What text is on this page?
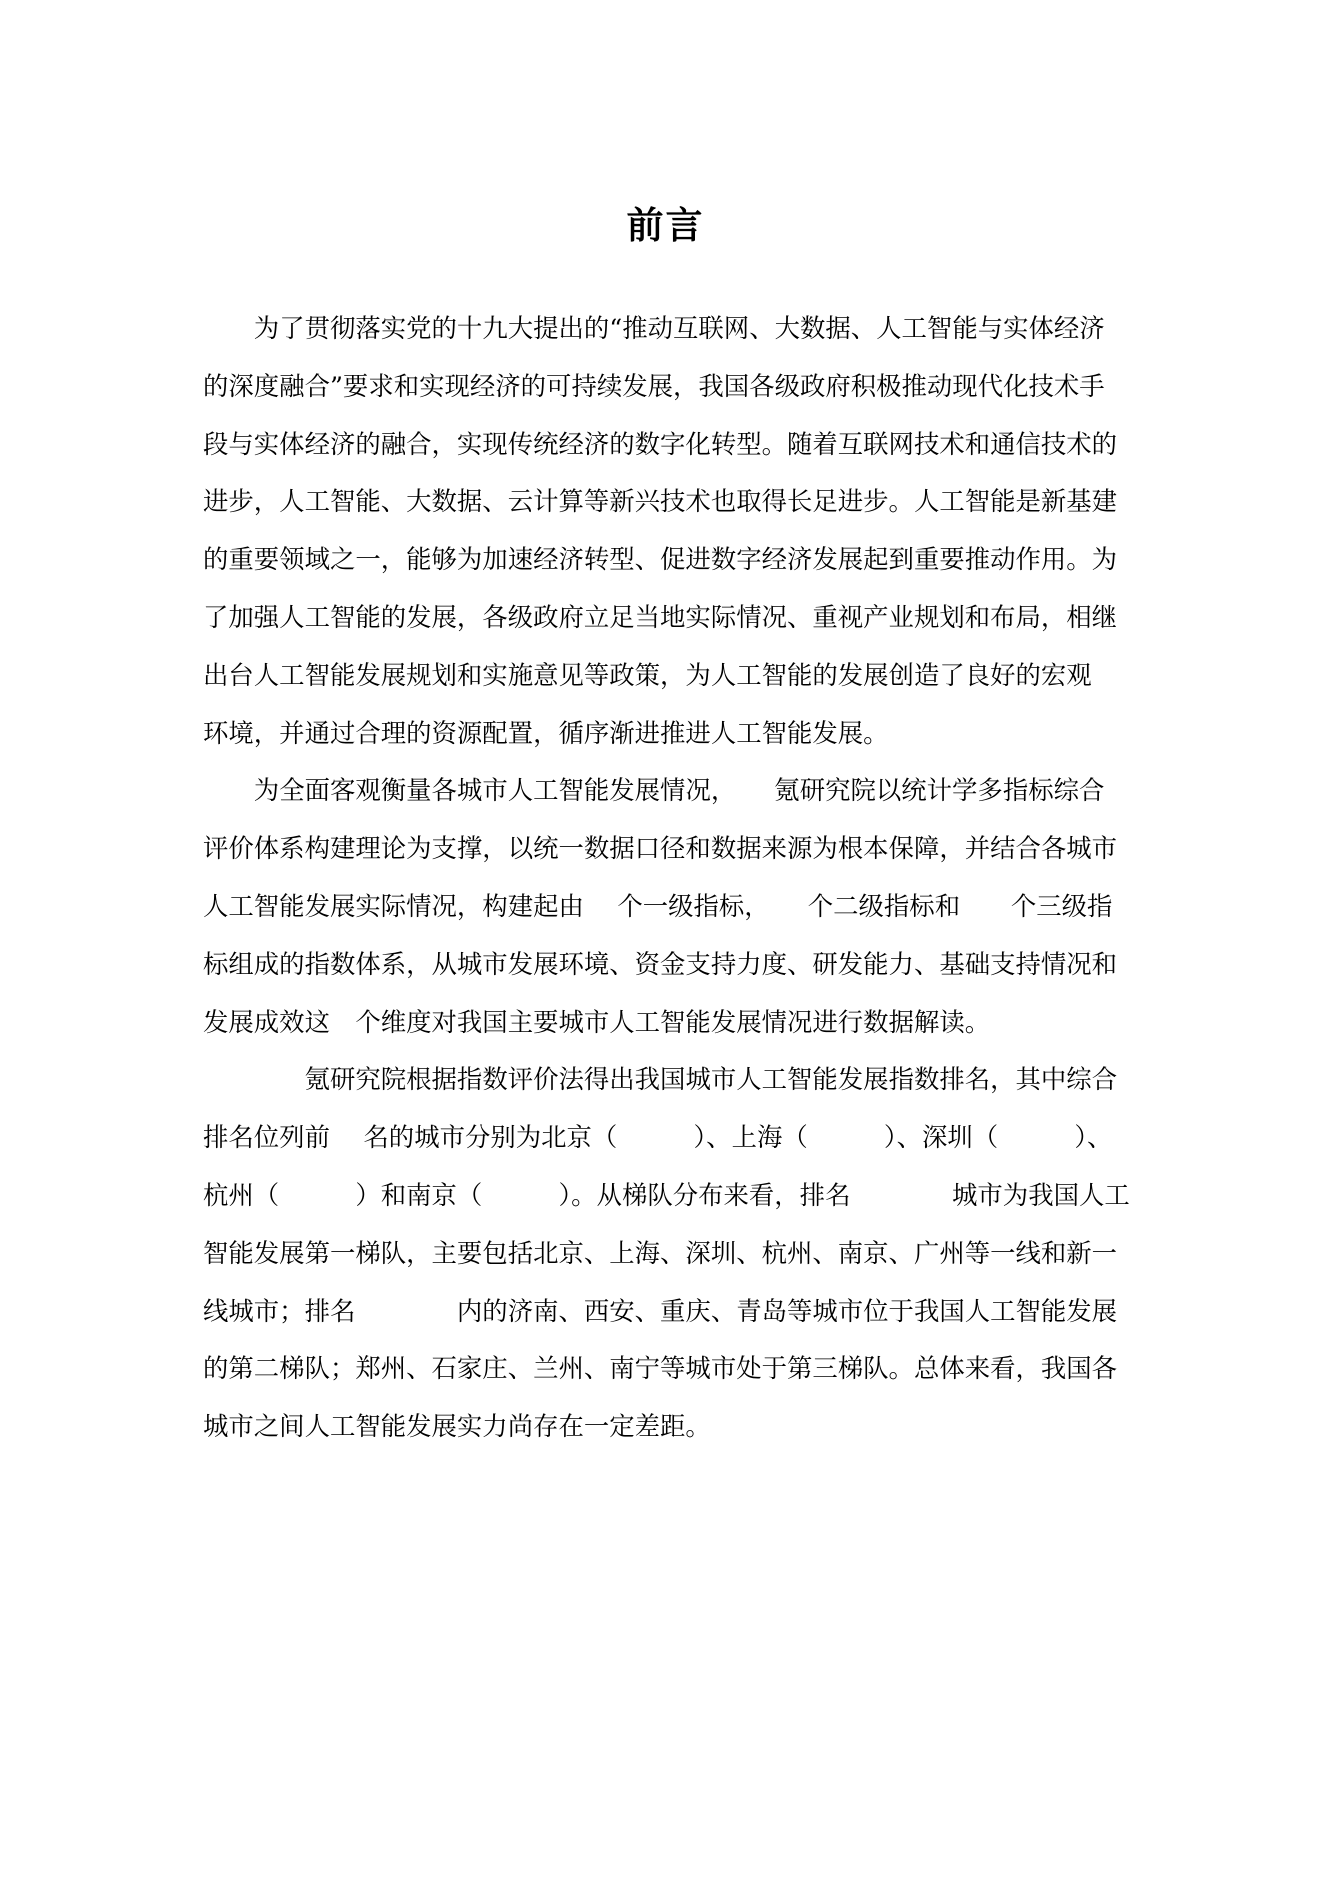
前言
为了贯彻落实党的十九大提出的“推动互联网、大数据、人工智能与实体经济
的深度融合”要求和实现经济的可持续发展，我国各级政府积极推动现代化技术手
段与实体经济的融合，实现传统经济的数字化转型。随着互联网技术和通信技术的
进步，人工智能、大数据、云计算等新兴技术也取得长足进步。人工智能是新基建
的重要领域之一，能够为加速经济转型、促进数字经济发展起到重要推动作用。为
了加强人工智能的发展，各级政府立足当地实际情况、重视产业规划和布局，相继
出台人工智能发展规划和实施意见等政策，为人工智能的发展创造了良好的宏观
环境，并通过合理的资源配置，循序渐进推进人工智能发展。
为全面客观衡量各城市人工智能发展情况，　　氪研究院以统计学多指标综合
评价体系构建理论为支撑，以统一数据口径和数据来源为根本保障，并结合各城市
人工智能发展实际情况，构建起由　 个一级指标，　　个二级指标和　　个三级指
标组成的指数体系，从城市发展环境、资金支持力度、研发能力、基础支持情况和
发展成效这　个维度对我国主要城市人工智能发展情况进行数据解读。
　　氪研究院根据指数评价法得出我国城市人工智能发展指数排名，其中综合
排名位列前　 名的城市分别为北京（　　　）、上海（　　　）、深圳（　　　）、
杭州（　　　）和南京（　　　）。从梯队分布来看，排名　　　　城市为我国人工
智能发展第一梯队，主要包括北京、上海、深圳、杭州、南京、广州等一线和新一
线城市；排名　　　　内的济南、西安、重庆、青岛等城市位于我国人工智能发展
的第二梯队；郑州、石家庄、兰州、南宁等城市处于第三梯队。总体来看，我国各
城市之间人工智能发展实力尚存在一定差距。
